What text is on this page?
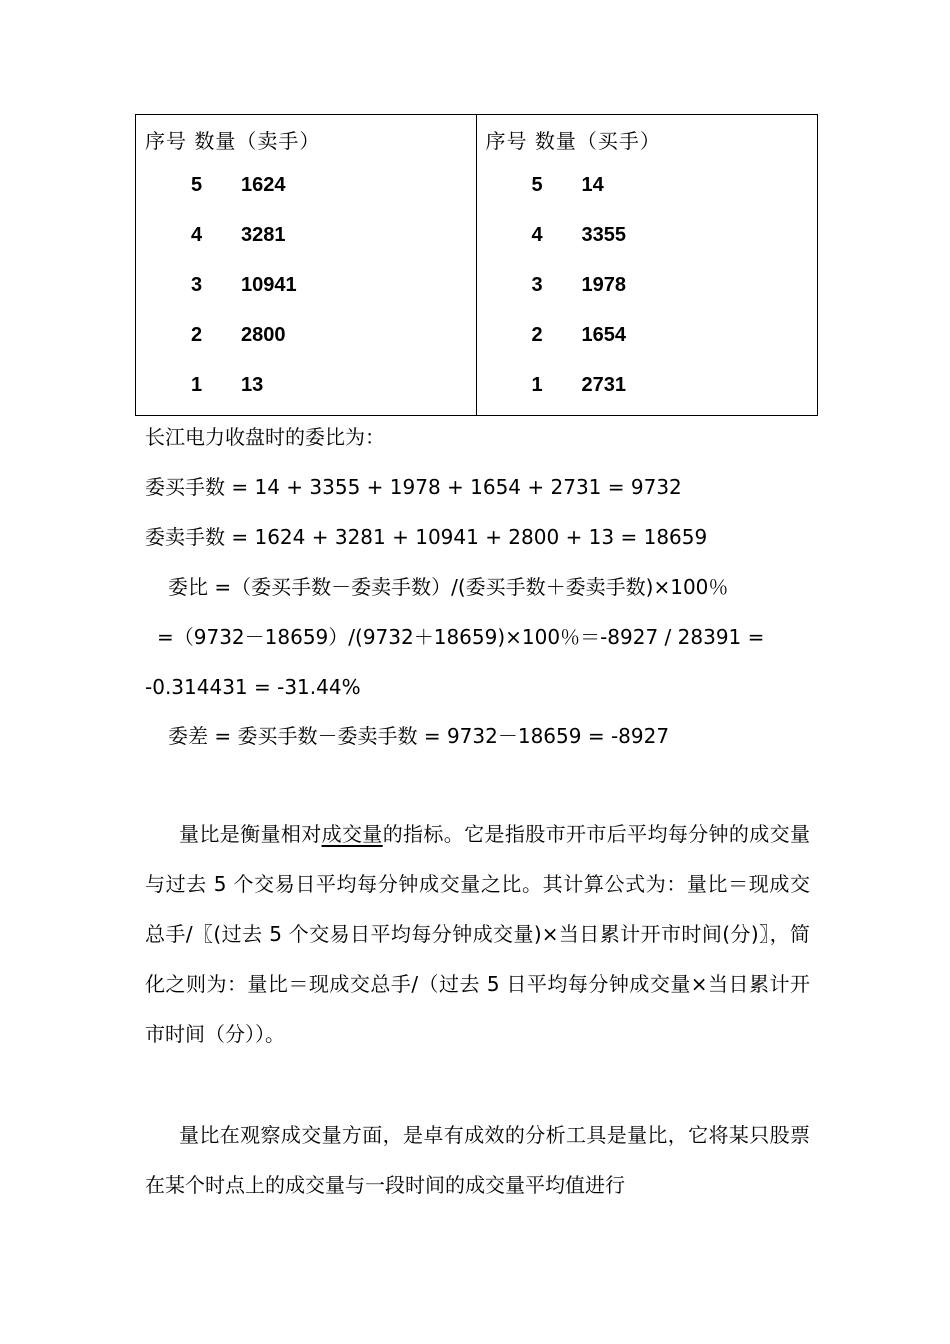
序号 数量（卖手）
5 1624
4 3281
3 10941
2 2800
1 13
序号 数量（买手）
5 14
4 3355
3 1978
2 1654
1 2731
长江电力收盘时的委比为：
委买手数 = 14 + 3355 + 1978 + 1654 + 2731 = 9732
委卖手数 = 1624 + 3281 + 10941 + 2800 + 13 = 18659
委比 =（委买手数－委卖手数）/(委买手数＋委卖手数)×100％
=（9732－18659）/(9732＋18659)×100％＝-8927 / 28391 =
-0.314431 = -31.44%
委差 = 委买手数－委卖手数 = 9732－18659 = -8927

量比是衡量相对成交量的指标。它是指股市开市后平均每分钟的成交量与过去 5 个交易日平均每分钟成交量之比。其计算公式为：量比＝现成交总手/〖(过去 5 个交易日平均每分钟成交量)×当日累计开市时间(分)〗，简化之则为：量比＝现成交总手/（过去 5 日平均每分钟成交量×当日累计开市时间（分））。

量比在观察成交量方面，是卓有成效的分析工具是量比，它将某只股票在某个时点上的成交量与一段时间的成交量平均值进行
